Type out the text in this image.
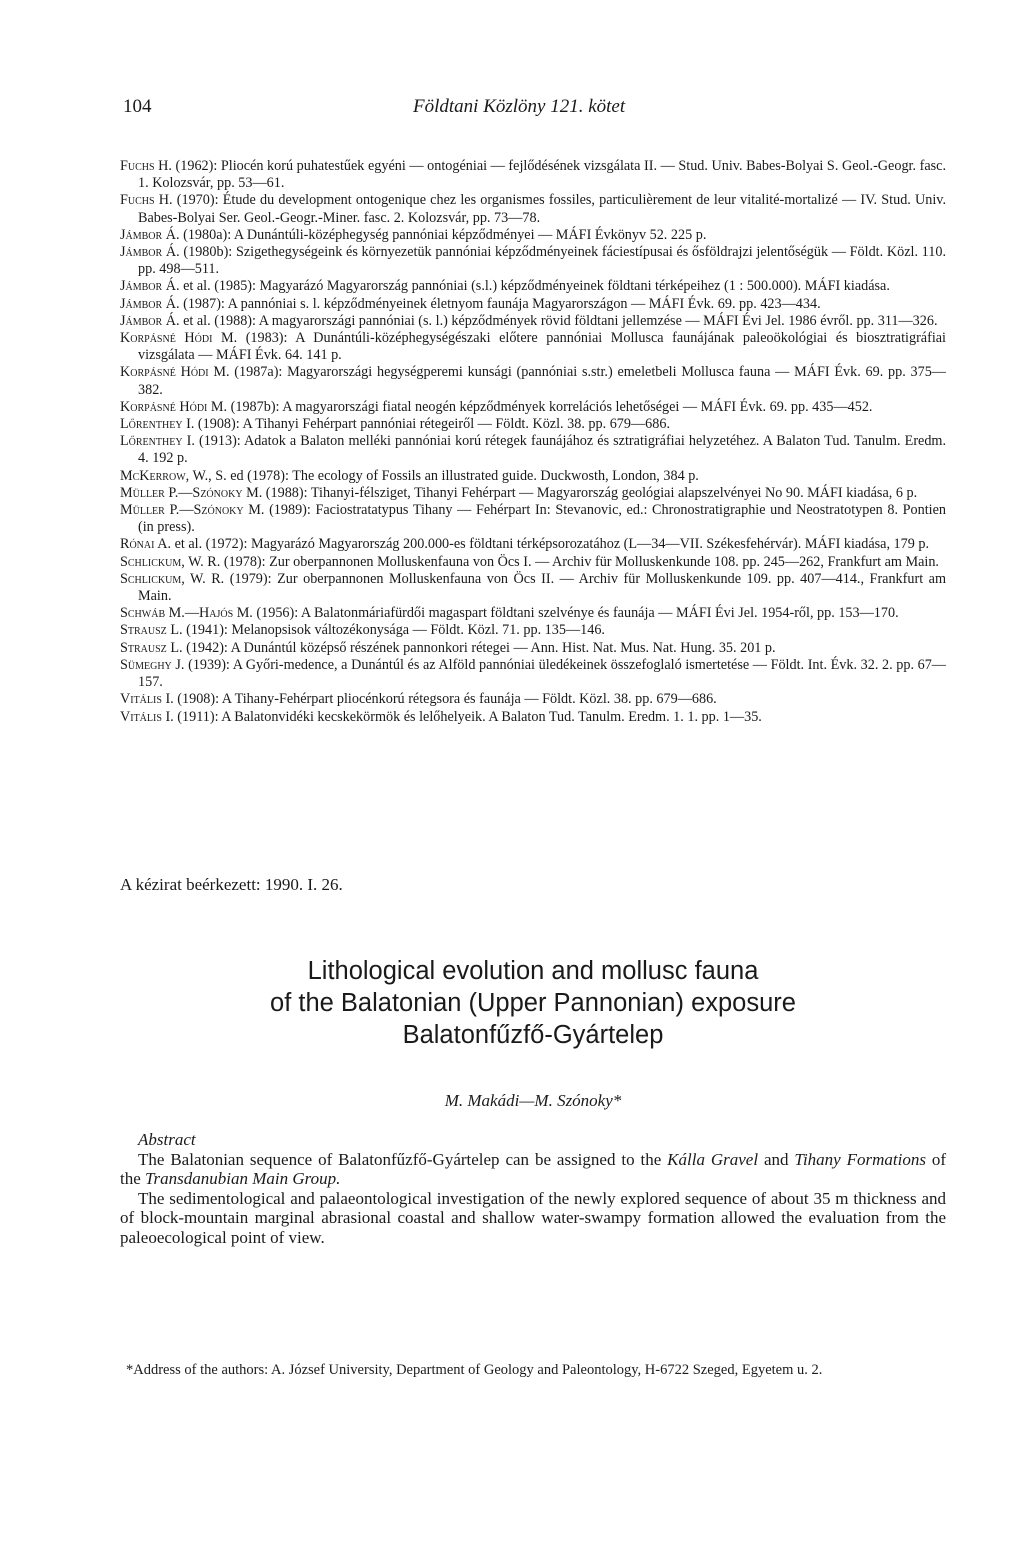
104	Földtani Közlöny 121. kötet

Fuchs H. (1962): Pliocén korú puhatestűek egyéni — ontogéniai — fejlődésének vizsgálata II. — Stud. Univ. Babes-Bolyai S. Geol.-Geogr. fasc. 1. Kolozsvár, pp. 53—61.

Fuchs H. (1970): Étude du development ontogenique chez les organismes fossiles, particulièrement de leur vitalité-mortalizé — IV. Stud. Univ. Babes-Bolyai Ser. Geol.-Geogr.-Miner. fasc. 2. Kolozsvár, pp. 73—78.

Jámbor Á. (1980a): A Dunántúli-középhegység pannóniai képződményei — MÁFI Évkönyv 52. 225 p.

Jámbor Á. (1980b): Szigethegységeink és környezetük pannóniai képződményeinek fáciestípusai és ősföldrajzi jelentőségük — Földt. Közl. 110. pp. 498—511.

Jámbor Á. et al. (1985): Magyarázó Magyarország pannóniai (s.l.) képződményeinek földtani térképeihez (1 : 500.000). MÁFI kiadása.

Jámbor Á. (1987): A pannóniai s. l. képződményeinek életnyom faunája Magyarországon — MÁFI Évk. 69. pp. 423—434.

Jámbor Á. et al. (1988): A magyarországi pannóniai (s. l.) képződmények rövid földtani jellemzése — MÁFI Évi Jel. 1986 évről. pp. 311—326.

Korpásné Hódi M. (1983): A Dunántúli-középhegységészaki előtere pannóniai Mollusca faunájának paleoökológiai és biosztratigráfiai vizsgálata — MÁFI Évk. 64. 141 p.

Korpásné Hódi M. (1987a): Magyarországi hegységperemi kunsági (pannóniai s.str.) emeletbeli Mollusca fauna — MÁFI Évk. 69. pp. 375—382.

Korpásné Hódi M. (1987b): A magyarországi fiatal neogén képződmények korrelációs lehetőségei — MÁFI Évk. 69. pp. 435—452.

Lőrenthey I. (1908): A Tihanyi Fehérpart pannóniai rétegeiről — Földt. Közl. 38. pp. 679—686.

Lőrenthey I. (1913): Adatok a Balaton melléki pannóniai korú rétegek faunájához és sztratigráfiai helyzetéhez. A Balaton Tud. Tanulm. Eredm. 4. 192 p.

McKerrow, W., S. ed (1978): The ecology of Fossils an illustrated guide. Duckwosth, London, 384 p.

Müller P.—Szónoky M. (1988): Tihanyi-félsziget, Tihanyi Fehérpart — Magyarország geológiai alapszelvényei No 90. MÁFI kiadása, 6 p.

Müller P.—Szónoky M. (1989): Faciostratatypus Tihany — Fehérpart In: Stevanovic, ed.: Chronostratigraphie und Neostratotypen 8. Pontien (in press).

Rónai A. et al. (1972): Magyarázó Magyarország 200.000-es földtani térképsorozatához (L—34—VII. Székesfehérvár). MÁFI kiadása, 179 p.

Schlickum, W. R. (1978): Zur oberpannonen Molluskenfauna von Öcs I. — Archiv für Molluskenkunde 108. pp. 245—262, Frankfurt am Main.

Schlickum, W. R. (1979): Zur oberpannonen Molluskenfauna von Öcs II. — Archiv für Molluskenkunde 109. pp. 407—414., Frankfurt am Main.

Schwáb M.—Hajós M. (1956): A Balatonmáriafürdői magaspart földtani szelvénye és faunája — MÁFI Évi Jel. 1954-ről, pp. 153—170.

Strausz L. (1941): Melanopsisok változékonysága — Földt. Közl. 71. pp. 135—146.

Strausz L. (1942): A Dunántúl középső részének pannonkori rétegei — Ann. Hist. Nat. Mus. Nat. Hung. 35. 201 p.

Sümeghy J. (1939): A Győri-medence, a Dunántúl és az Alföld pannóniai üledékeinek összefoglaló ismertetése — Földt. Int. Évk. 32. 2. pp. 67—157.

Vitális I. (1908): A Tihany-Fehérpart pliocénkorú rétegsora és faunája — Földt. Közl. 38. pp. 679—686.

Vitális I. (1911): A Balatonvidéki kecskekörmök és lelőhelyeik. A Balaton Tud. Tanulm. Eredm. 1. 1. pp. 1—35.

A kézirat beérkezett: 1990. I. 26.
Lithological evolution and mollusc fauna
of the Balatonian (Upper Pannonian) exposure
Balatonfűzfő-Gyártelep
M. Makádi—M. Szónoky*

Abstract

The Balatonian sequence of Balatonfűzfő-Gyártelep can be assigned to the Kálla Gravel and Tihany Formations of the Transdanubian Main Group.

The sedimentological and palaeontological investigation of the newly explored sequence of about 35 m thickness and of block-mountain marginal abrasional coastal and shallow water-swampy formation allowed the evaluation from the paleoecological point of view.

*Address of the authors: A. József University, Department of Geology and Paleontology, H-6722 Szeged, Egyetem u. 2.
